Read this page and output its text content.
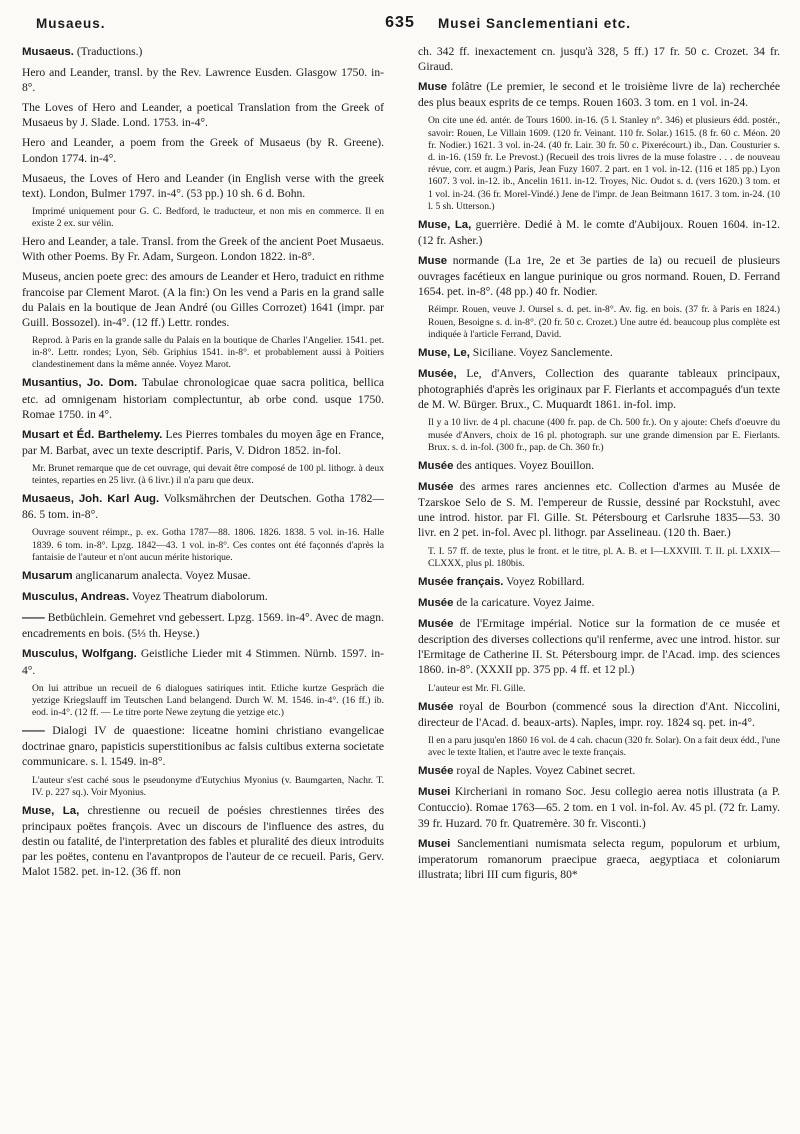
Musaeus.	635	Musei Sanclementiani etc.
Musaeus. (Traductions.)
Hero and Leander, transl. by the Rev. Lawrence Eusden. Glasgow 1750. in-8°.
The Loves of Hero and Leander, a poetical Translation from the Greek of Musaeus by J. Slade. Lond. 1753. in-4°.
Hero and Leander, a poem from the Greek of Musaeus (by R. Greene). London 1774. in-4°.
Musaeus, the Loves of Hero and Leander (in English verse with the greek text). London, Bulmer 1797. in-4°. (53 pp.) 10 sh. 6 d. Bohn.
Imprimé uniquement pour G. C. Bedford, le traducteur, et non mis en commerce. Il en existe 2 ex. sur vélin.
Hero and Leander, a tale. Transl. from the Greek of the ancient Poet Musaeus. With other Poems. By Fr. Adam, Surgeon. London 1822. in-8°.
Museus, ancien poete grec: des amours de Leander et Hero, traduict en rithme francoise par Clement Marot. (A la fin:) On les vend a Paris en la grand salle du Palais en la boutique de Jean André (ou Gilles Corrozet) 1641 (impr. par Guill. Bossozel). in-4°. (12 ff.) Lettr. rondes.
Reprod. à Paris en la grande salle du Palais en la boutique de Charles l'Angelier. 1541. pet. in-8°. Lettr. rondes; Lyon, Séb. Griphius 1541. in-8°. et probablement aussi à Poitiers clandestinement dans la même année. Voyez Marot.
Musantius, Jo. Dom. Tabulae chronologicae quae sacra politica, bellica etc. ad omnigenam historiam complectuntur, ab orbe cond. usque 1750. Romae 1750. in 4°.
Musart et Éd. Barthelemy. Les Pierres tombales du moyen âge en France, par M. Barbat, avec un texte descriptif. Paris, V. Didron 1852. in-fol.
Mr. Brunet remarque que de cet ouvrage, qui devait être composé de 100 pl. lithogr. à deux teintes, reparties en 25 livr. (à 6 livr.) il n'a paru que deux.
Musaeus, Joh. Karl Aug. Volksmährchen der Deutschen. Gotha 1782—86. 5 tom. in-8°.
Ouvrage souvent réimpr., p. ex. Gotha 1787—88. 1806. 1826. 1838. 5 vol. in-16. Halle 1839. 6 tom. in-8°. Lpzg. 1842—43. 1 vol. in-8°. Ces contes ont été façonnés d'après la fantaisie de l'auteur et n'ont aucun mérite historique.
Musarum anglicanarum analecta. Voyez Musae.
Musculus, Andreas. Voyez Theatrum diabolorum.
—— Betbüchlein. Gemehret vnd gebessert. Lpzg. 1569. in-4°. Avec de magn. encadrements en bois. (5⅓ th. Heyse.)
Musculus, Wolfgang. Geistliche Lieder mit 4 Stimmen. Nürnb. 1597. in-4°.
On lui attribue un recueil de 6 dialogues satiriques intit. Etliche kurtze Gespräch die yetzige Kriegslauff im Teutschen Land belangend. Durch W. M. 1546. in-4°. (16 ff.) ib. eod. in-4°. (12 ff. — Le titre porte Newe zeytung die yetzige etc.)
—— Dialogi IV de quaestione: liceatne homini christiano evangelicae doctrinae gnaro, papisticis superstitionibus ac falsis cultibus externa societate communicare. s. l. 1549. in-8°.
L'auteur s'est caché sous le pseudonyme d'Eutychius Myonius (v. Baumgarten, Nachr. T. IV. p. 227 sq.). Voir Myonius.
Muse, La, chrestienne ou recueil de poésies chrestiennes tirées des principaux poëtes françois. Avec un discours de l'influence des astres, du destin ou fatalité, de l'interpretation des fables et pluralité des dieux introduits par les poëtes, contenu en l'avantpropos de l'auteur de ce recueil. Paris, Gerv. Malot 1582. pet. in-12. (36 ff. non
ch. 342 ff. inexactement cn. jusqu'à 328, 5 ff.) 17 fr. 50 c. Crozet. 34 fr. Giraud.
Muse folâtre (Le premier, le second et le troisième livre de la) recherchée des plus beaux esprits de ce temps. Rouen 1603. 3 tom. en 1 vol. in-24.
On cite une éd. antér. de Tours 1600. in-16. (5 l. Stanley n°. 346) et plusieurs édd. postér., savoir: Rouen, Le Villain 1609. (120 fr. Veinant. 110 fr. Solar.) 1615. (8 fr. 60 c. Méon. 20 fr. Nodier.) 1621. 3 vol. in-24. (40 fr. Lair. 30 fr. 50 c. Pixerécourt.) ib., Dan. Cousturier s. d. in-16. (159 fr. Le Prevost.) (Recueil des trois livres de la muse folastre . . . de nouveau révue, corr. et augm.) Paris, Jean Fuzy 1607. 2 part. en 1 vol. in-12. (116 et 185 pp.) Lyon 1607. 3 vol. in-12. ib., Ancelin 1611. in-12. Troyes, Nic. Oudot s. d. (vers 1620.) 3 tom. et 1 vol. in-24. (36 fr. Morel-Vindé.) Jene de l'impr. de Jean Beitmann 1617. 3 tom. in-24. (10 l. 5 sh. Utterson.)
Muse, La, guerrière. Dedié à M. le comte d'Aubijoux. Rouen 1604. in-12. (12 fr. Asher.)
Muse normande (La 1re, 2e et 3e parties de la) ou recueil de plusieurs ouvrages facétieux en langue purinique ou gros normand. Rouen, D. Ferrand 1654. pet. in-8°. (48 pp.) 40 fr. Nodier.
Réimpr. Rouen, veuve J. Oursel s. d. pet. in-8°. Av. fig. en bois. (37 fr. à Paris en 1824.) Rouen, Besoigne s. d. in-8°. (20 fr. 50 c. Crozet.) Une autre éd. beaucoup plus complète est indiquée à l'article Ferrand, David.
Muse, Le, Siciliane. Voyez Sanclemente.
Musée, Le, d'Anvers, Collection des quarante tableaux principaux, photographiés d'après les originaux par F. Fierlants et accompagués d'un texte de M. W. Bürger. Brux., C. Muquardt 1861. in-fol. imp.
Il y a 10 livr. de 4 pl. chacune (400 fr. pap. de Ch. 500 fr.). On y ajoute: Chefs d'oeuvre du musée d'Anvers, choix de 16 pl. photograph. sur une grande dimension par E. Fierlants. Brux. s. d. in-fol. (300 fr., pap. de Ch. 360 fr.)
Musée des antiques. Voyez Bouillon.
Musée des armes rares anciennes etc. Collection d'armes au Musée de Tzarskoe Selo de S. M. l'empereur de Russie, dessiné par Rockstuhl, avec une introd. histor. par Fl. Gille. St. Pétersbourg et Carlsruhe 1835—53. 30 livr. en 2 pet. in-fol. Avec pl. lithogr. par Asselineau. (120 th. Baer.)
T. I. 57 ff. de texte, plus le front. et le titre, pl. A. B. et I—LXXVIII. T. II. pl. LXXIX—CLXXX, plus pl. 180bis.
Musée français. Voyez Robillard.
Musée de la caricature. Voyez Jaime.
Musée de l'Ermitage impérial. Notice sur la formation de ce musée et description des diverses collections qu'il renferme, avec une introd. histor. sur l'Ermitage de Catherine II. St. Pétersbourg impr. de l'Acad. imp. des sciences 1860. in-8°. (XXXII pp. 375 pp. 4 ff. et 12 pl.)
L'auteur est Mr. Fl. Gille.
Musée royal de Bourbon (commencé sous la direction d'Ant. Niccolini, directeur de l'Acad. d. beaux-arts). Naples, impr. roy. 1824 sq. pet. in-4°.
Il en a paru jusqu'en 1860 16 vol. de 4 cah. chacun (320 fr. Solar). On a fait deux édd., l'une avec le texte Italien, et l'autre avec le texte français.
Musée royal de Naples. Voyez Cabinet secret.
Musei Kircheriani in romano Soc. Jesu collegio aerea notis illustrata (a P. Contuccio). Romae 1763—65. 2 tom. en 1 vol. in-fol. Av. 45 pl. (72 fr. Lamy. 39 fr. Huzard. 70 fr. Quatremère. 30 fr. Visconti.)
Musei Sanclementiani numismata selecta regum, populorum et urbium, imperatorum romanorum praecipue graeca, aegyptiaca et coloniarum illustrata; libri III cum figuris, 80*
